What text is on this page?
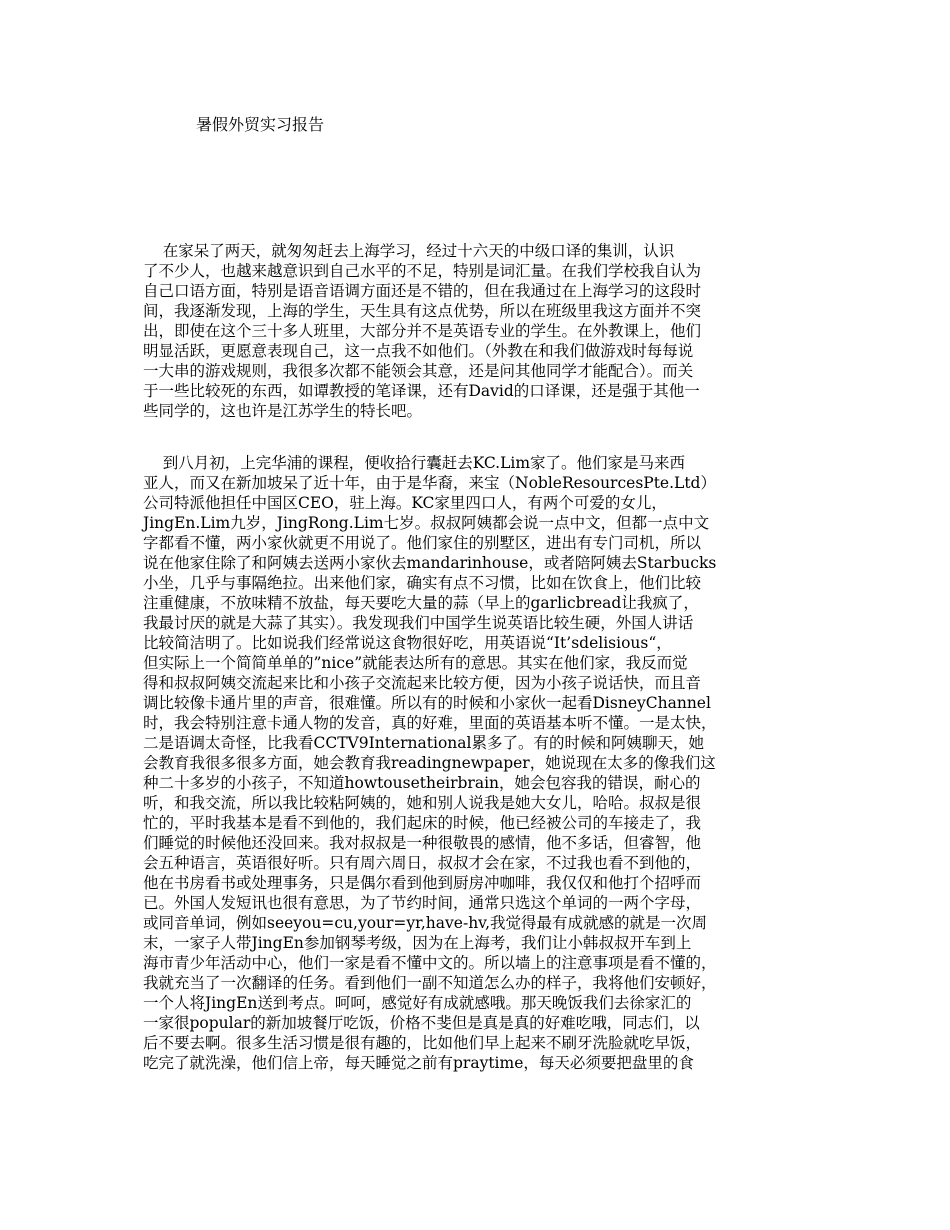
暑假外贸实习报告
在家呆了两天，就匆匆赶去上海学习，经过十六天的中级口译的集训，认识
了不少人，也越来越意识到自己水平的不足，特别是词汇量。在我们学校我自认为
自己口语方面，特别是语音语调方面还是不错的，但在我通过在上海学习的这段时
间，我逐渐发现，上海的学生，天生具有这点优势，所以在班级里我这方面并不突
出，即使在这个三十多人班里，大部分并不是英语专业的学生。在外教课上，他们
明显活跃，更愿意表现自己，这一点我不如他们。（外教在和我们做游戏时每每说
一大串的游戏规则，我很多次都不能领会其意，还是问其他同学才能配合）。而关
于一些比较死的东西，如谭教授的笔译课，还有David的口译课，还是强于其他一
些同学的，这也许是江苏学生的特长吧。
到八月初，上完华浦的课程，便收拾行囊赶去KC.Lim家了。他们家是马来西
亚人，而又在新加坡呆了近十年，由于是华裔，来宝（NobleResourcesPte.Ltd）
公司特派他担任中国区CEO，驻上海。KC家里四口人，有两个可爱的女儿，
JingEn.Lim九岁，JingRong.Lim七岁。叔叔阿姨都会说一点中文，但都一点中文
字都看不懂，两小家伙就更不用说了。他们家住的别墅区，进出有专门司机，所以
说在他家住除了和阿姨去送两小家伙去mandarinhouse，或者陪阿姨去Starbucks
小坐，几乎与事隔绝拉。出来他们家，确实有点不习惯，比如在饮食上，他们比较
注重健康，不放味精不放盐，每天要吃大量的蒜（早上的garlicbread让我疯了，
我最讨厌的就是大蒜了其实）。我发现我们中国学生说英语比较生硬，外国人讲话
比较简洁明了。比如说我们经常说这食物很好吃，用英语说“It’sdelisious“，
但实际上一个简简单单的”nice”就能表达所有的意思。其实在他们家，我反而觉
得和叔叔阿姨交流起来比和小孩子交流起来比较方便，因为小孩子说话快，而且音
调比较像卡通片里的声音，很难懂。所以有的时候和小家伙一起看DisneyChannel
时，我会特别注意卡通人物的发音，真的好难，里面的英语基本听不懂。一是太快，
二是语调太奇怪，比我看CCTV9International累多了。有的时候和阿姨聊天，她
会教育我很多很多方面，她会教育我readingnewpaper，她说现在太多的像我们这
种二十多岁的小孩子，不知道howtousetheirbrain，她会包容我的错误，耐心的
听，和我交流，所以我比较粘阿姨的，她和别人说我是她大女儿，哈哈。叔叔是很
忙的，平时我基本是看不到他的，我们起床的时候，他已经被公司的车接走了，我
们睡觉的时候他还没回来。我对叔叔是一种很敬畏的感情，他不多话，但睿智，他
会五种语言，英语很好听。只有周六周日，叔叔才会在家，不过我也看不到他的，
他在书房看书或处理事务，只是偶尔看到他到厨房冲咖啡，我仅仅和他打个招呼而
已。外国人发短讯也很有意思，为了节约时间，通常只选这个单词的一两个字母，
或同音单词，例如seeyou=cu,your=yr,have-hv,我觉得最有成就感的就是一次周
末，一家子人带JingEn参加钢琴考级，因为在上海考，我们让小韩叔叔开车到上
海市青少年活动中心，他们一家是看不懂中文的。所以墙上的注意事项是看不懂的，
我就充当了一次翻译的任务。看到他们一副不知道怎么办的样子，我将他们安顿好，
一个人将JingEn送到考点。呵呵，感觉好有成就感哦。那天晚饭我们去徐家汇的
一家很popular的新加坡餐厅吃饭，价格不斐但是真是真的好难吃哦，同志们，以
后不要去啊。很多生活习惯是很有趣的，比如他们早上起来不刷牙洗脸就吃早饭，
吃完了就洗澡，他们信上帝，每天睡觉之前有praytime，每天必须要把盘里的食
